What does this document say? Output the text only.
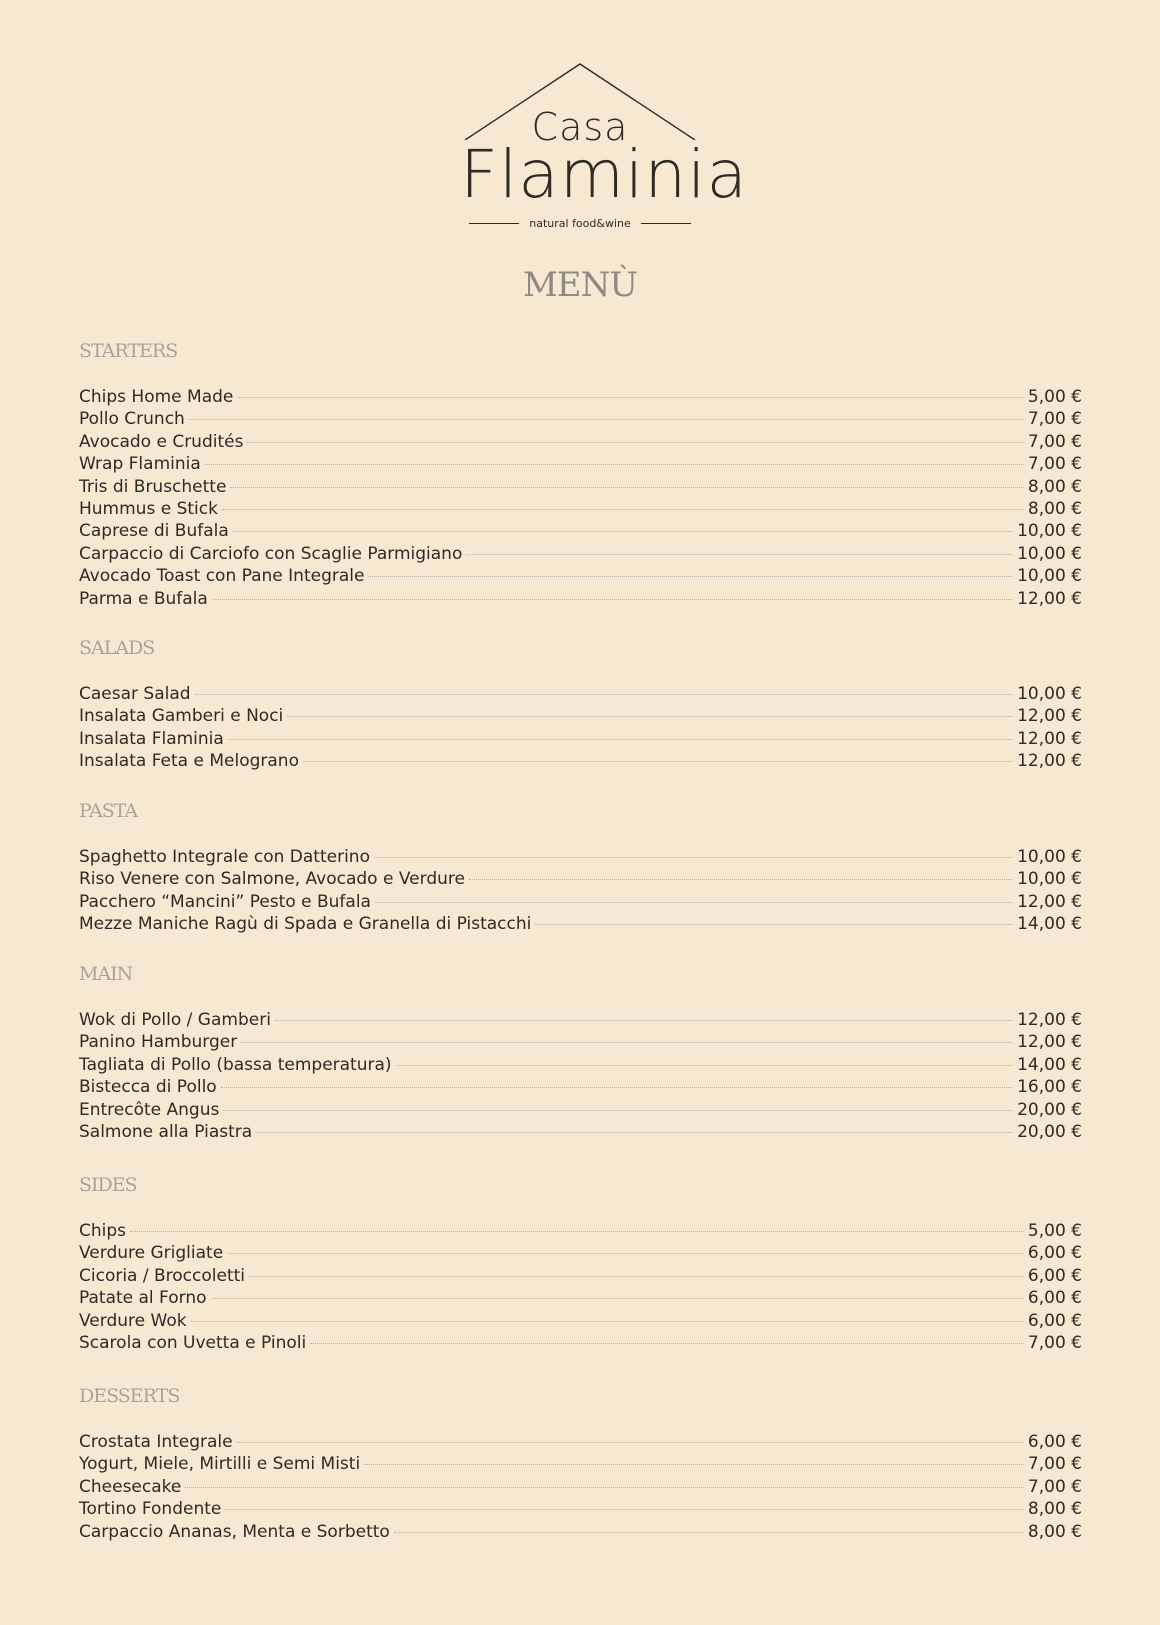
Casa
Flaminia
natural food&wine
MENÙ
STARTERS
Chips Home Made	5,00 €
Pollo Crunch	7,00 €
Avocado e Crudités	7,00 €
Wrap Flaminia	7,00 €
Tris di Bruschette	8,00 €
Hummus e Stick	8,00 €
Caprese di Bufala	10,00 €
Carpaccio di Carciofo con Scaglie Parmigiano	10,00 €
Avocado Toast con Pane Integrale	10,00 €
Parma e Bufala	12,00 €
SALADS
Caesar Salad	10,00 €
Insalata Gamberi e Noci	12,00 €
Insalata Flaminia	12,00 €
Insalata Feta e Melograno	12,00 €
PASTA
Spaghetto Integrale con Datterino	10,00 €
Riso Venere con Salmone, Avocado e Verdure	10,00 €
Pacchero “Mancini” Pesto e Bufala	12,00 €
Mezze Maniche Ragù di Spada e Granella di Pistacchi	14,00 €
MAIN
Wok di Pollo / Gamberi	12,00 €
Panino Hamburger	12,00 €
Tagliata di Pollo (bassa temperatura)	14,00 €
Bistecca di Pollo	16,00 €
Entrecôte Angus	20,00 €
Salmone alla Piastra	20,00 €
SIDES
Chips	5,00 €
Verdure Grigliate	6,00 €
Cicoria / Broccoletti	6,00 €
Patate al Forno	6,00 €
Verdure Wok	6,00 €
Scarola con Uvetta e Pinoli	7,00 €
DESSERTS
Crostata Integrale	6,00 €
Yogurt, Miele, Mirtilli e Semi Misti	7,00 €
Cheesecake	7,00 €
Tortino Fondente	8,00 €
Carpaccio Ananas, Menta e Sorbetto	8,00 €
